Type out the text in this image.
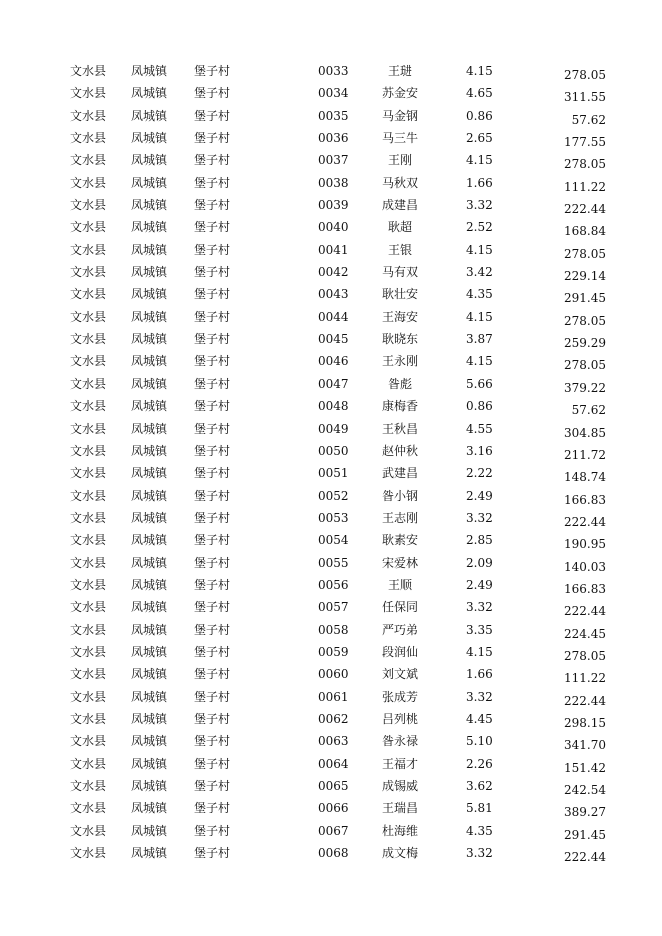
文水县 凤城镇 堡子村	0033	王琎	4.15	278.05
文水县 凤城镇 堡子村	0034	苏金安	4.65	311.55
文水县 凤城镇 堡子村	0035	马金钢	0.86	57.62
文水县 凤城镇 堡子村	0036	马三牛	2.65	177.55
文水县 凤城镇 堡子村	0037	王刚	4.15	278.05
文水县 凤城镇 堡子村	0038	马秋双	1.66	111.22
文水县 凤城镇 堡子村	0039	成建昌	3.32	222.44
文水县 凤城镇 堡子村	0040	耿超	2.52	168.84
文水县 凤城镇 堡子村	0041	王银	4.15	278.05
文水县 凤城镇 堡子村	0042	马有双	3.42	229.14
文水县 凤城镇 堡子村	0043	耿壮安	4.35	291.45
文水县 凤城镇 堡子村	0044	王海安	4.15	278.05
文水县 凤城镇 堡子村	0045	耿晓东	3.87	259.29
文水县 凤城镇 堡子村	0046	王永刚	4.15	278.05
文水县 凤城镇 堡子村	0047	昝彪	5.66	379.22
文水县 凤城镇 堡子村	0048	康梅香	0.86	57.62
文水县 凤城镇 堡子村	0049	王秋昌	4.55	304.85
文水县 凤城镇 堡子村	0050	赵仲秋	3.16	211.72
文水县 凤城镇 堡子村	0051	武建昌	2.22	148.74
文水县 凤城镇 堡子村	0052	昝小钢	2.49	166.83
文水县 凤城镇 堡子村	0053	王志刚	3.32	222.44
文水县 凤城镇 堡子村	0054	耿素安	2.85	190.95
文水县 凤城镇 堡子村	0055	宋爱林	2.09	140.03
文水县 凤城镇 堡子村	0056	王顺	2.49	166.83
文水县 凤城镇 堡子村	0057	任保同	3.32	222.44
文水县 凤城镇 堡子村	0058	严巧弟	3.35	224.45
文水县 凤城镇 堡子村	0059	段润仙	4.15	278.05
文水县 凤城镇 堡子村	0060	刘文斌	1.66	111.22
文水县 凤城镇 堡子村	0061	张成芳	3.32	222.44
文水县 凤城镇 堡子村	0062	吕列桃	4.45	298.15
文水县 凤城镇 堡子村	0063	昝永禄	5.10	341.70
文水县 凤城镇 堡子村	0064	王福才	2.26	151.42
文水县 凤城镇 堡子村	0065	成锡威	3.62	242.54
文水县 凤城镇 堡子村	0066	王瑞昌	5.81	389.27
文水县 凤城镇 堡子村	0067	杜海维	4.35	291.45
文水县 凤城镇 堡子村	0068	成文梅	3.32	222.44
